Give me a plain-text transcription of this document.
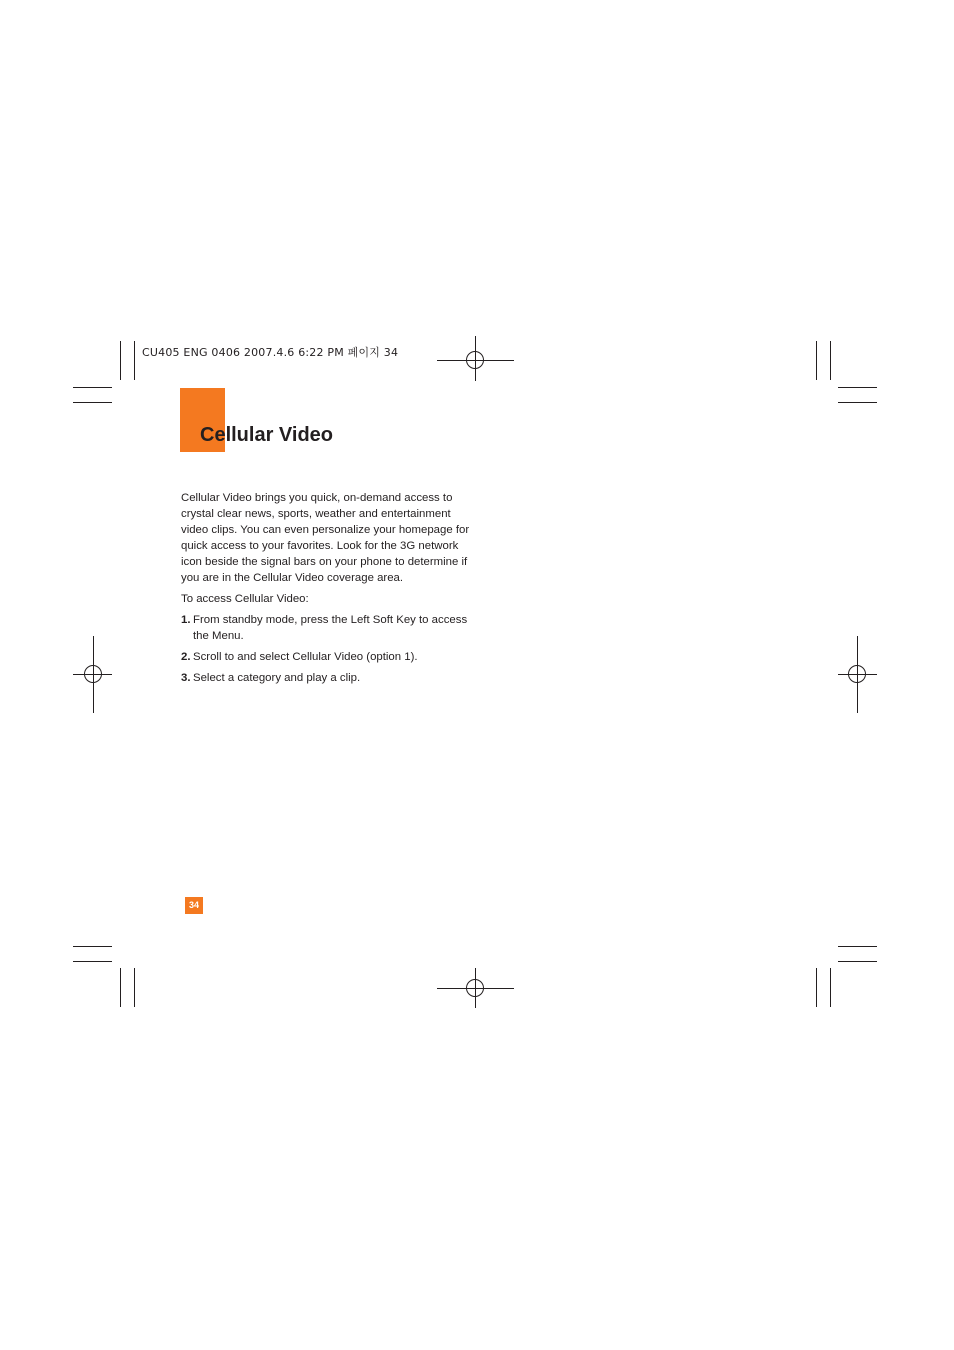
CU405 ENG 0406 2007.4.6 6:22 PM 페이지 34
Cellular Video

Cellular Video brings you quick, on-demand access to crystal clear news, sports, weather and entertainment video clips. You can even personalize your homepage for quick access to your favorites. Look for the 3G network icon beside the signal bars on your phone to determine if you are in the Cellular Video coverage area.

To access Cellular Video:

1. From standby mode, press the Left Soft Key to access the Menu.
2. Scroll to and select Cellular Video (option 1).
3. Select a category and play a clip.
34
